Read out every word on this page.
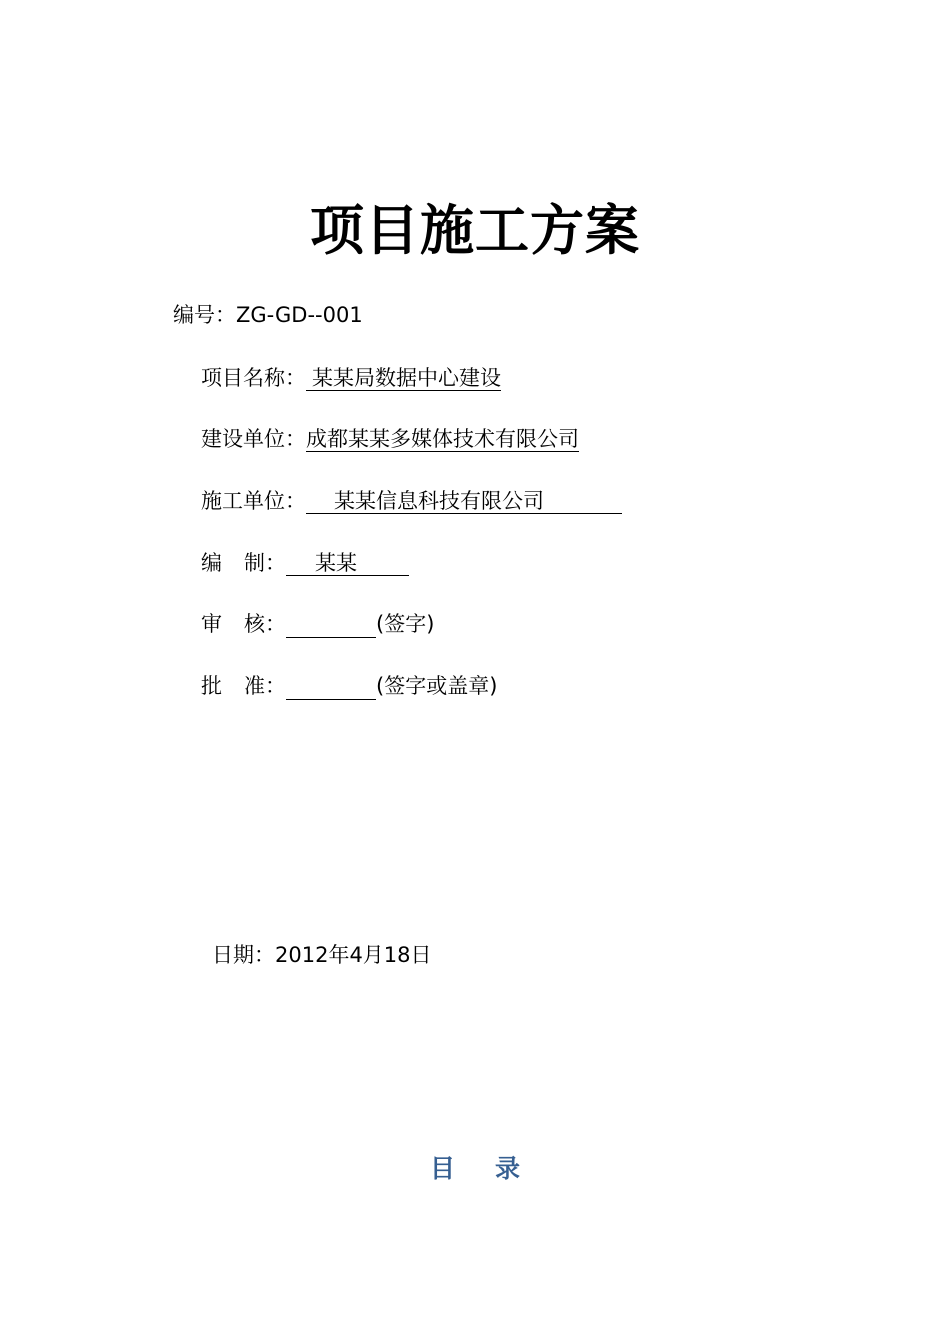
项目施工方案
编号：ZG-GD--001
项目名称： 某某局数据中心建设
建设单位：成都某某多媒体技术有限公司
施工单位： 某某信息科技有限公司
编 制： 某某
审 核：	(签字)
批 准：	(签字或盖章)
日期：2012年4月18日
目 录
